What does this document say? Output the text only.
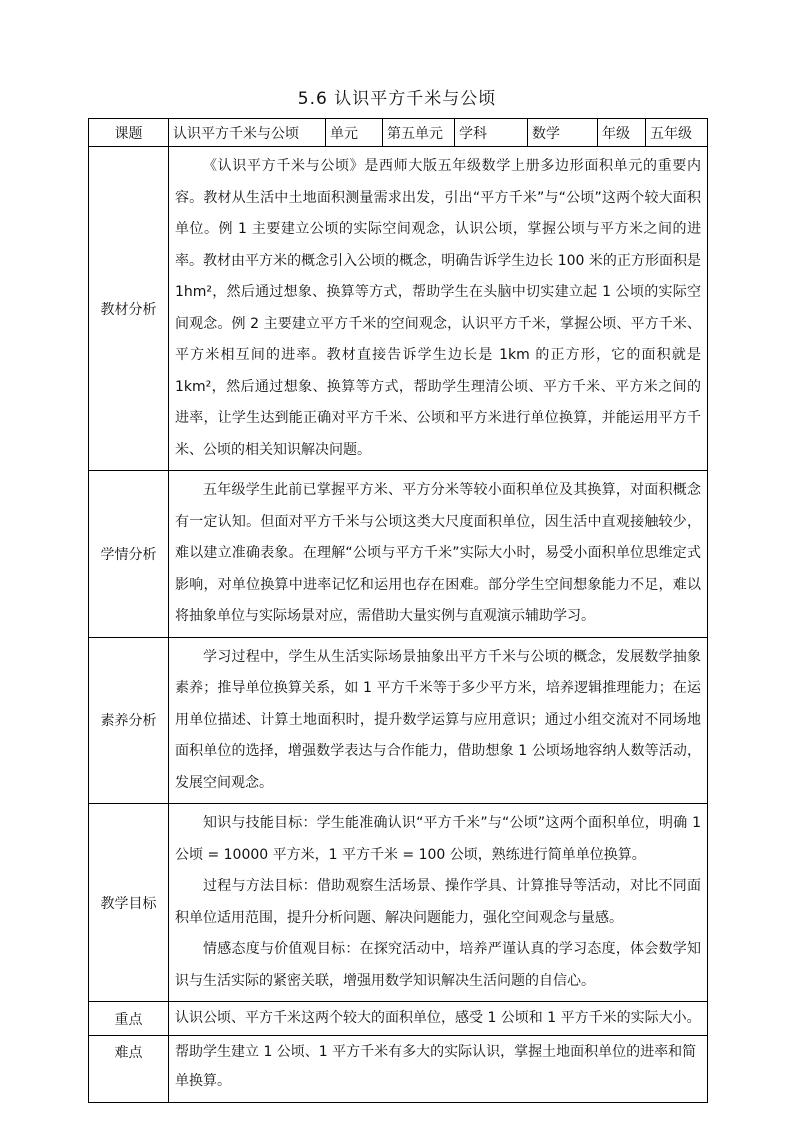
5.6 认识平方千米与公顷
课题	认识平方千米与公顷	单元	第五单元	学科	数学	年级	五年级
教材分析	《认识平方千米与公顷》是西师大版五年级数学上册多边形面积单元的重要内容。教材从生活中土地面积测量需求出发，引出“平方千米”与“公顷”这两个较大面积单位。例 1 主要建立公顷的实际空间观念，认识公顷，掌握公顷与平方米之间的进率。教材由平方米的概念引入公顷的概念，明确告诉学生边长 100 米的正方形面积是 1hm²，然后通过想象、换算等方式，帮助学生在头脑中切实建立起 1 公顷的实际空间观念。例 2 主要建立平方千米的空间观念，认识平方千米，掌握公顷、平方千米、平方米相互间的进率。教材直接告诉学生边长是 1km 的正方形，它的面积就是 1km²，然后通过想象、换算等方式，帮助学生理清公顷、平方千米、平方米之间的进率，让学生达到能正确对平方千米、公顷和平方米进行单位换算，并能运用平方千米、公顷的相关知识解决问题。						

学情分析	五年级学生此前已掌握平方米、平方分米等较小面积单位及其换算，对面积概念有一定认知。但面对平方千米与公顷这类大尺度面积单位，因生活中直观接触较少，难以建立准确表象。在理解“公顷与平方千米”实际大小时，易受小面积单位思维定式影响，对单位换算中进率记忆和运用也存在困难。部分学生空间想象能力不足，难以将抽象单位与实际场景对应，需借助大量实例与直观演示辅助学习。						

素养分析	学习过程中，学生从生活实际场景抽象出平方千米与公顷的概念，发展数学抽象素养；推导单位换算关系，如 1 平方千米等于多少平方米，培养逻辑推理能力；在运用单位描述、计算土地面积时，提升数学运算与应用意识；通过小组交流对不同场地面积单位的选择，增强数学表达与合作能力，借助想象 1 公顷场地容纳人数等活动，发展空间观念。						

教学目标	知识与技能目标：学生能准确认识“平方千米”与“公顷”这两个面积单位，明确 1 公顷 = 10000 平方米，1 平方千米 = 100 公顷，熟练进行简单单位换算。

过程与方法目标：借助观察生活场景、操作学具、计算推导等活动，对比不同面积单位适用范围，提升分析问题、解决问题能力，强化空间观念与量感。

情感态度与价值观目标：在探究活动中，培养严谨认真的学习态度，体会数学知识与生活实际的紧密关联，增强用数学知识解决生活问题的自信心。						

重点	认识公顷、平方千米这两个较大的面积单位，感受 1 公顷和 1 平方千米的实际大小。						
难点	帮助学生建立 1 公顷、1 平方千米有多大的实际认识，掌握土地面积单位的进率和简单换算。						
